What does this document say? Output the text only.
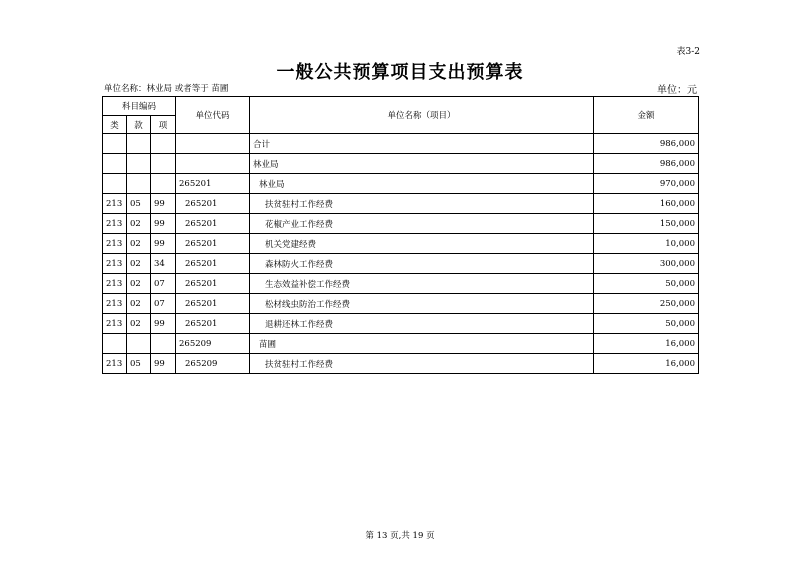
表3-2
一般公共预算项目支出预算表
单位名称：林业局 或者等于 苗圃	单位：元
科目编码			单位代码	单位名称（项目）	金额
类	款	项			
				合计	986,000
				林业局	986,000
			265201	林业局	970,000
213	05	99	265201	扶贫驻村工作经费	160,000
213	02	99	265201	花椒产业工作经费	150,000
213	02	99	265201	机关党建经费	10,000
213	02	34	265201	森林防火工作经费	300,000
213	02	07	265201	生态效益补偿工作经费	50,000
213	02	07	265201	松材线虫防治工作经费	250,000
213	02	99	265201	退耕还林工作经费	50,000
			265209	苗圃	16,000
213	05	99	265209	扶贫驻村工作经费	16,000
第 13 页,共 19 页
